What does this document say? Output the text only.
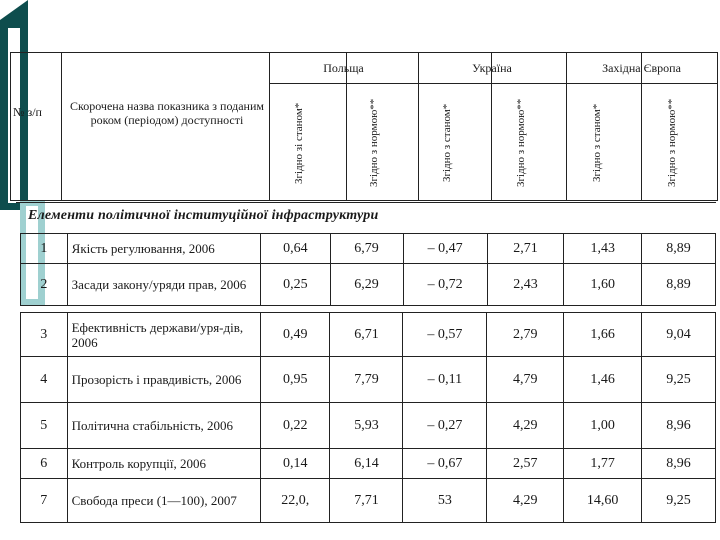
№ з/п	Скорочена назва показника з поданим роком (періодом) доступності
Польща	Україна	Західна Європа
Згідно зі станом*	Згідно з нормою**	Згідно з станом*	Згідно з нормою**	Згідно з станом*	Згідно з нормою**
Елементи політичної інституційної інфраструктури
1	Якість регулювання, 2006	0,64	6,79	– 0,47	2,71	1,43	8,89
2	Засади закону/уряди прав, 2006	0,25	6,29	– 0,72	2,43	1,60	8,89
3	Ефективність держави/уря-дів, 2006	0,49	6,71	– 0,57	2,79	1,66	9,04
4	Прозорість і правдивість, 2006	0,95	7,79	– 0,11	4,79	1,46	9,25
5	Політична стабільність, 2006	0,22	5,93	– 0,27	4,29	1,00	8,96
6	Контроль корупції, 2006	0,14	6,14	– 0,67	2,57	1,77	8,96
7	Свобода преси (1—100), 2007	22,0,	7,71	53	4,29	14,60	9,25
